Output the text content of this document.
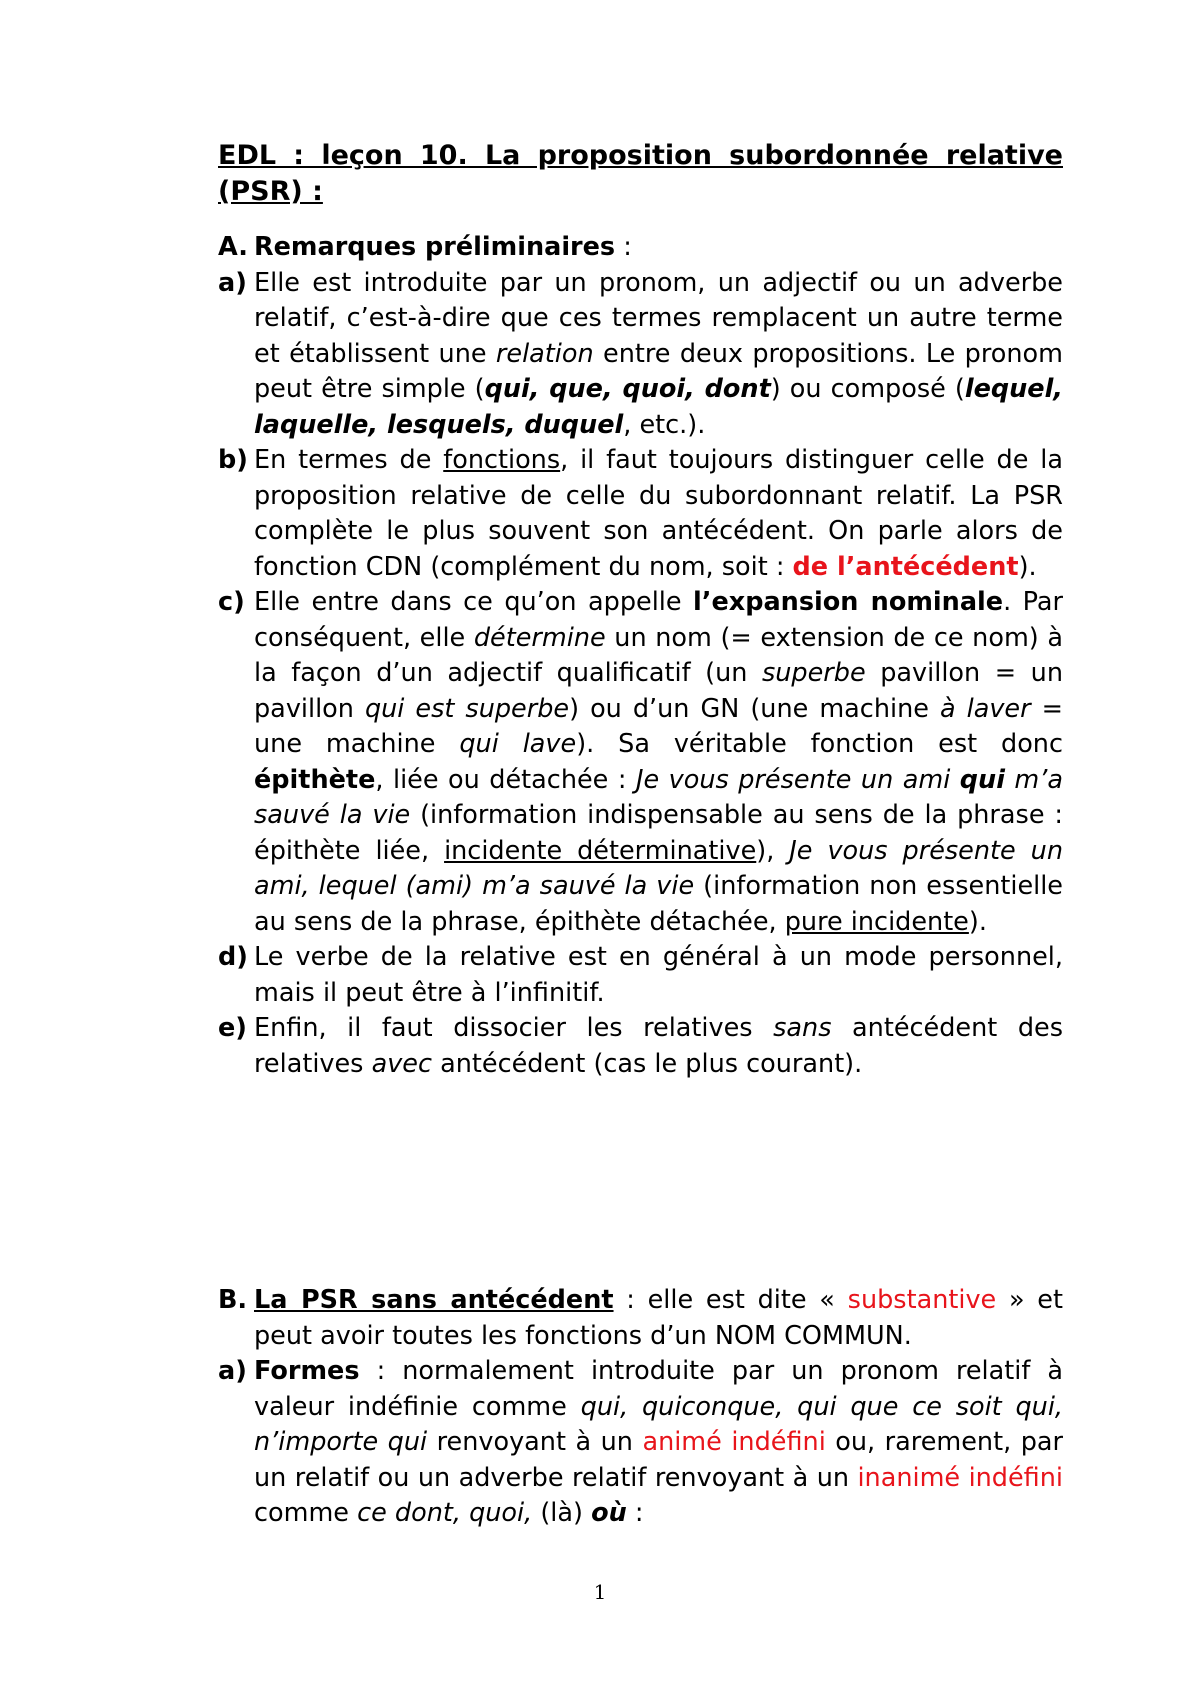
EDL : leçon 10. La proposition subordonnée relative (PSR) :

A. Remarques préliminaires :
a) Elle est introduite par un pronom, un adjectif ou un adverbe relatif, c’est-à-dire que ces termes remplacent un autre terme et établissent une relation entre deux propositions. Le pronom peut être simple (qui, que, quoi, dont) ou composé (lequel, laquelle, lesquels, duquel, etc.).
b) En termes de fonctions, il faut toujours distinguer celle de la proposition relative de celle du subordonnant relatif. La PSR complète le plus souvent son antécédent. On parle alors de fonction CDN (complément du nom, soit : de l’antécédent).
c) Elle entre dans ce qu’on appelle l’expansion nominale. Par conséquent, elle détermine un nom (= extension de ce nom) à la façon d’un adjectif qualificatif (un superbe pavillon = un pavillon qui est superbe) ou d’un GN (une machine à laver = une machine qui lave). Sa véritable fonction est donc épithète, liée ou détachée : Je vous présente un ami qui m’a sauvé la vie (information indispensable au sens de la phrase : épithète liée, incidente déterminative), Je vous présente un ami, lequel (ami) m’a sauvé la vie (information non essentielle au sens de la phrase, épithète détachée, pure incidente).
d) Le verbe de la relative est en général à un mode personnel, mais il peut être à l’infinitif.
e) Enfin, il faut dissocier les relatives sans antécédent des relatives avec antécédent (cas le plus courant).
B. La PSR sans antécédent : elle est dite « substantive » et peut avoir toutes les fonctions d’un NOM COMMUN.
a) Formes : normalement introduite par un pronom relatif à valeur indéfinie comme qui, quiconque, qui que ce soit qui, n’importe qui renvoyant à un animé indéfini ou, rarement, par un relatif ou un adverbe relatif renvoyant à un inanimé indéfini comme ce dont, quoi, (là) où :
1
